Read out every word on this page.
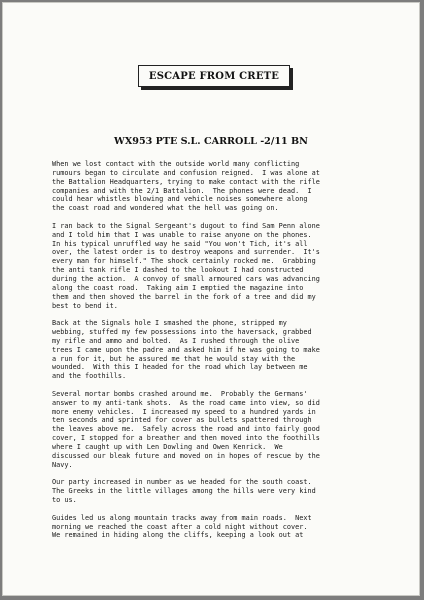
ESCAPE FROM CRETE
WX953 PTE S.L. CARROLL -2/11 BN
When we lost contact with the outside world many conflicting
rumours began to circulate and confusion reigned.  I was alone at
the Battalion Headquarters, trying to make contact with the rifle
companies and with the 2/1 Battalion.  The phones were dead.  I
could hear whistles blowing and vehicle noises somewhere along
the coast road and wondered what the hell was going on.
I ran back to the Signal Sergeant's dugout to find Sam Penn alone
and I told him that I was unable to raise anyone on the phones.
In his typical unruffled way he said "You won't Tich, it's all
over, the latest order is to destroy weapons and surrender.  It's
every man for himself." The shock certainly rocked me.  Grabbing
the anti tank rifle I dashed to the lookout I had constructed
during the action.  A convoy of small armoured cars was advancing
along the coast road.  Taking aim I emptied the magazine into
them and then shoved the barrel in the fork of a tree and did my
best to bend it.
Back at the Signals hole I smashed the phone, stripped my
webbing, stuffed my few possessions into the haversack, grabbed
my rifle and ammo and bolted.  As I rushed through the olive
trees I came upon the padre and asked him if he was going to make
a run for it, but he assured me that he would stay with the
wounded.  With this I headed for the road which lay between me
and the foothills.
Several mortar bombs crashed around me.  Probably the Germans'
answer to my anti-tank shots.  As the road came into view, so did
more enemy vehicles.  I increased my speed to a hundred yards in
ten seconds and sprinted for cover as bullets spattered through
the leaves above me.  Safely across the road and into fairly good
cover, I stopped for a breather and then moved into the foothills
where I caught up with Len Dowling and Owen Kenrick.  We
discussed our bleak future and moved on in hopes of rescue by the
Navy.
Our party increased in number as we headed for the south coast.
The Greeks in the little villages among the hills were very kind
to us.
Guides led us along mountain tracks away from main roads.  Next
morning we reached the coast after a cold night without cover.
We remained in hiding along the cliffs, keeping a look out at
